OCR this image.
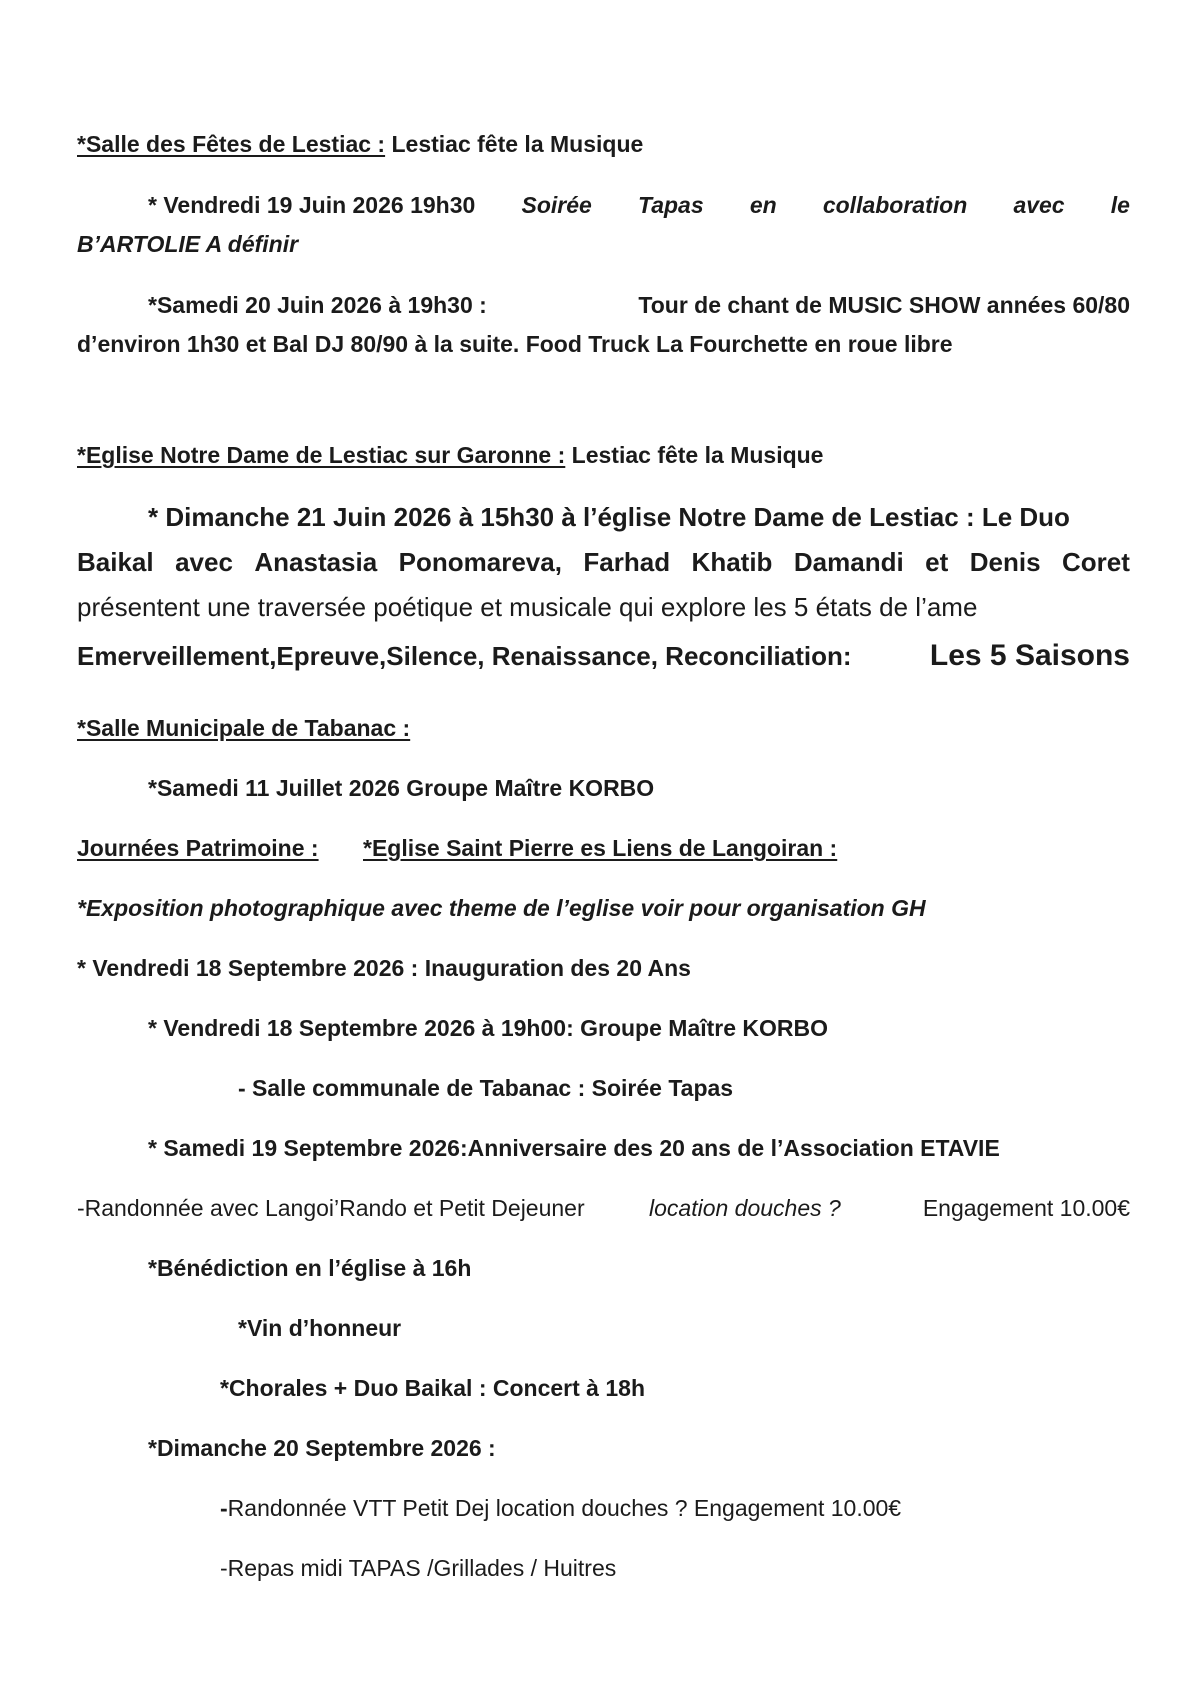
*Salle des Fêtes de Lestiac : Lestiac fête la Musique
* Vendredi 19 Juin 2026 19h30 Soirée Tapas en collaboration avec le
B’ARTOLIE A définir
*Samedi 20 Juin 2026 à 19h30 :	Tour de chant de MUSIC SHOW années 60/80
d’environ 1h30 et Bal DJ 80/90 à la suite. Food Truck La Fourchette en roue libre
*Eglise Notre Dame de Lestiac sur Garonne : Lestiac fête la Musique
* Dimanche 21 Juin 2026 à 15h30 à l’église Notre Dame de Lestiac : Le Duo
Baikal avec Anastasia Ponomareva, Farhad Khatib Damandi et Denis Coret
présentent une traversée poétique et musicale qui explore les 5 états de l’ame
Emerveillement,Epreuve,Silence, Renaissance, Reconciliation:	Les 5 Saisons
*Salle Municipale de Tabanac :
*Samedi 11 Juillet 2026 Groupe Maître KORBO
Journées Patrimoine : *Eglise Saint Pierre es Liens de Langoiran :
*Exposition photographique avec theme de l’eglise voir pour organisation GH
* Vendredi 18 Septembre 2026 : Inauguration des 20 Ans
* Vendredi 18 Septembre 2026 à 19h00: Groupe Maître KORBO
- Salle communale de Tabanac : Soirée Tapas
* Samedi 19 Septembre 2026:Anniversaire des 20 ans de l’Association ETAVIE
-Randonnée avec Langoi’Rando et Petit Dejeuner	location douches ?	Engagement 10.00€
*Bénédiction en l’église à 16h
*Vin d’honneur
*Chorales + Duo Baikal : Concert à 18h
*Dimanche 20 Septembre 2026 :
-Randonnée VTT Petit Dej location douches ? Engagement 10.00€
-Repas midi TAPAS /Grillades / Huitres
